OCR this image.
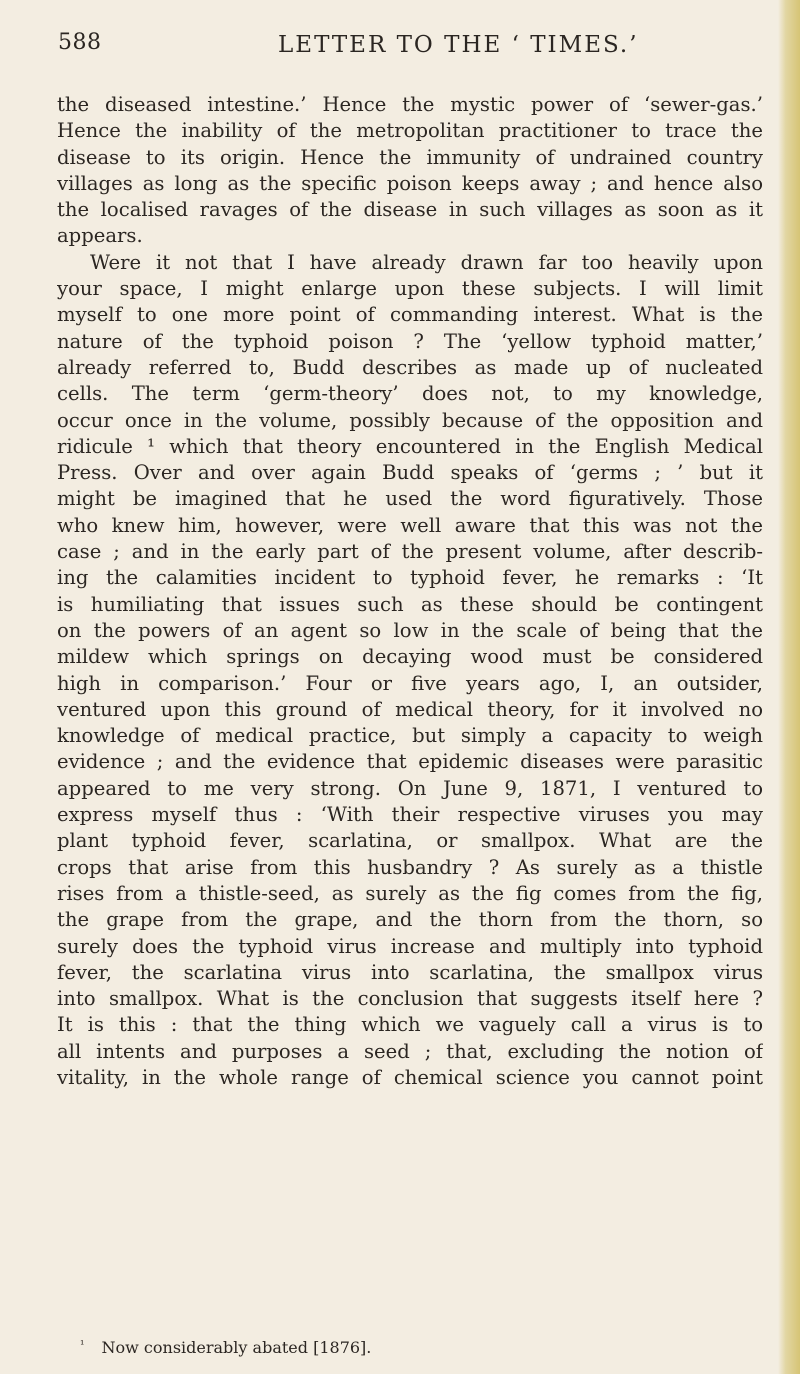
588	LETTER TO THE ‘ TIMES.’
the diseased intestine.’ Hence the mystic power of ‘sewer-gas.’
Hence the inability of the metropolitan practitioner to trace the
disease to its origin. Hence the immunity of undrained country
villages as long as the specific poison keeps away ; and hence also
the localised ravages of the disease in such villages as soon as it
appears.
Were it not that I have already drawn far too heavily upon
your space, I might enlarge upon these subjects. I will limit
myself to one more point of commanding interest. What is the
nature of the typhoid poison ? The ‘yellow typhoid matter,’
already referred to, Budd describes as made up of nucleated
cells. The term ‘germ-theory’ does not, to my knowledge,
occur once in the volume, possibly because of the opposition and
ridicule ¹ which that theory encountered in the English Medical
Press. Over and over again Budd speaks of ‘germs ; ’ but it
might be imagined that he used the word figuratively. Those
who knew him, however, were well aware that this was not the
case ; and in the early part of the present volume, after describ-
ing the calamities incident to typhoid fever, he remarks : ‘It
is humiliating that issues such as these should be contingent
on the powers of an agent so low in the scale of being that the
mildew which springs on decaying wood must be considered
high in comparison.’ Four or five years ago, I, an outsider,
ventured upon this ground of medical theory, for it involved no
knowledge of medical practice, but simply a capacity to weigh
evidence ; and the evidence that epidemic diseases were parasitic
appeared to me very strong. On June 9, 1871, I ventured to
express myself thus : ‘With their respective viruses you may
plant typhoid fever, scarlatina, or smallpox. What are the
crops that arise from this husbandry ? As surely as a thistle
rises from a thistle-seed, as surely as the fig comes from the fig,
the grape from the grape, and the thorn from the thorn, so
surely does the typhoid virus increase and multiply into typhoid
fever, the scarlatina virus into scarlatina, the smallpox virus
into smallpox. What is the conclusion that suggests itself here ?
It is this : that the thing which we vaguely call a virus is to
all intents and purposes a seed ; that, excluding the notion of
vitality, in the whole range of chemical science you cannot point
$^{^1}$ Now considerably abated [1876].
